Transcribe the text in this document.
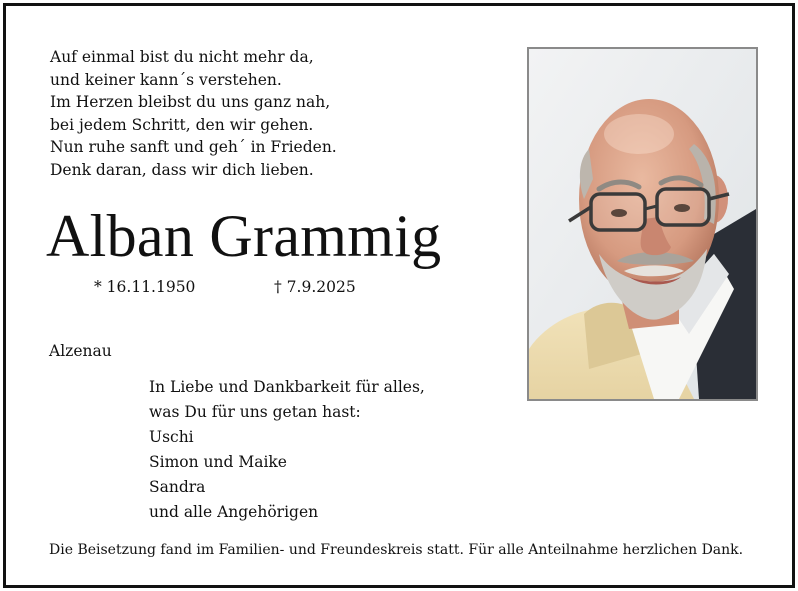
Auf einmal bist du nicht mehr da,
und keiner kann´s verstehen.
Im Herzen bleibst du uns ganz nah,
bei jedem Schritt, den wir gehen.
Nun ruhe sanft und geh´ in Frieden.
Denk daran, dass wir dich lieben.
Alban Grammig
* 16.11.1950	† 7.9.2025
Alzenau
In Liebe und Dankbarkeit für alles,
was Du für uns getan hast:
Uschi
Simon und Maike
Sandra
und alle Angehörigen
Die Beisetzung fand im Familien- und Freundeskreis statt. Für alle Anteilnahme herzlichen Dank.
